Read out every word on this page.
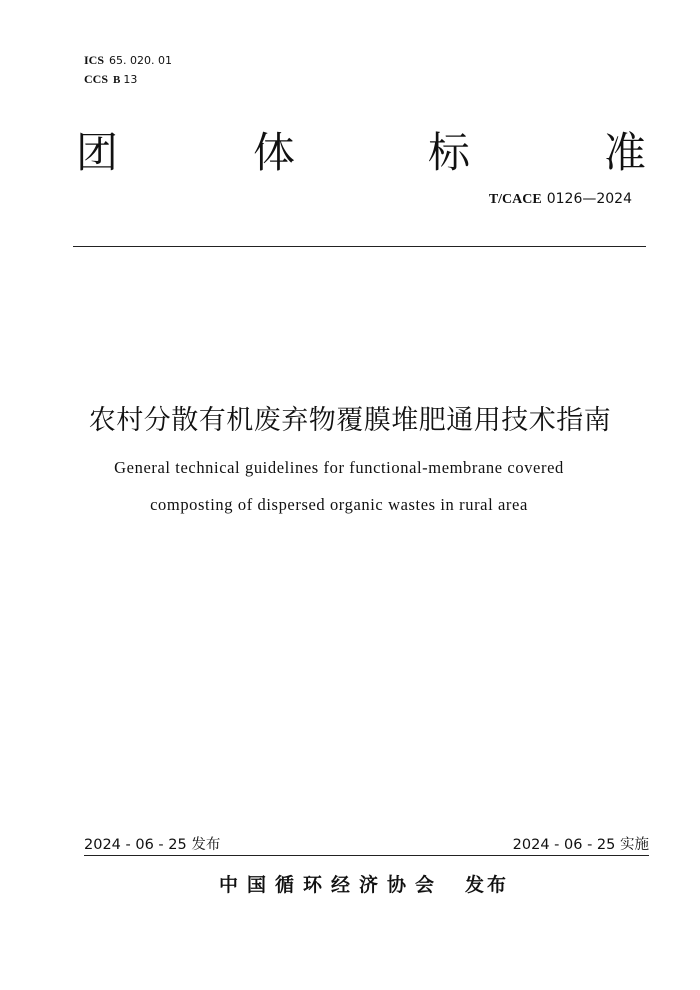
ICS 65. 020. 01
CCS B 13
团	体	标	准
T/CACE 0126—2024
农村分散有机废弃物覆膜堆肥通用技术指南
General technical guidelines for functional-membrane covered
composting of dispersed organic wastes in rural area
2024 - 06 - 25 发布	2024 - 06 - 25 实施
中国循环经济协会 发布
